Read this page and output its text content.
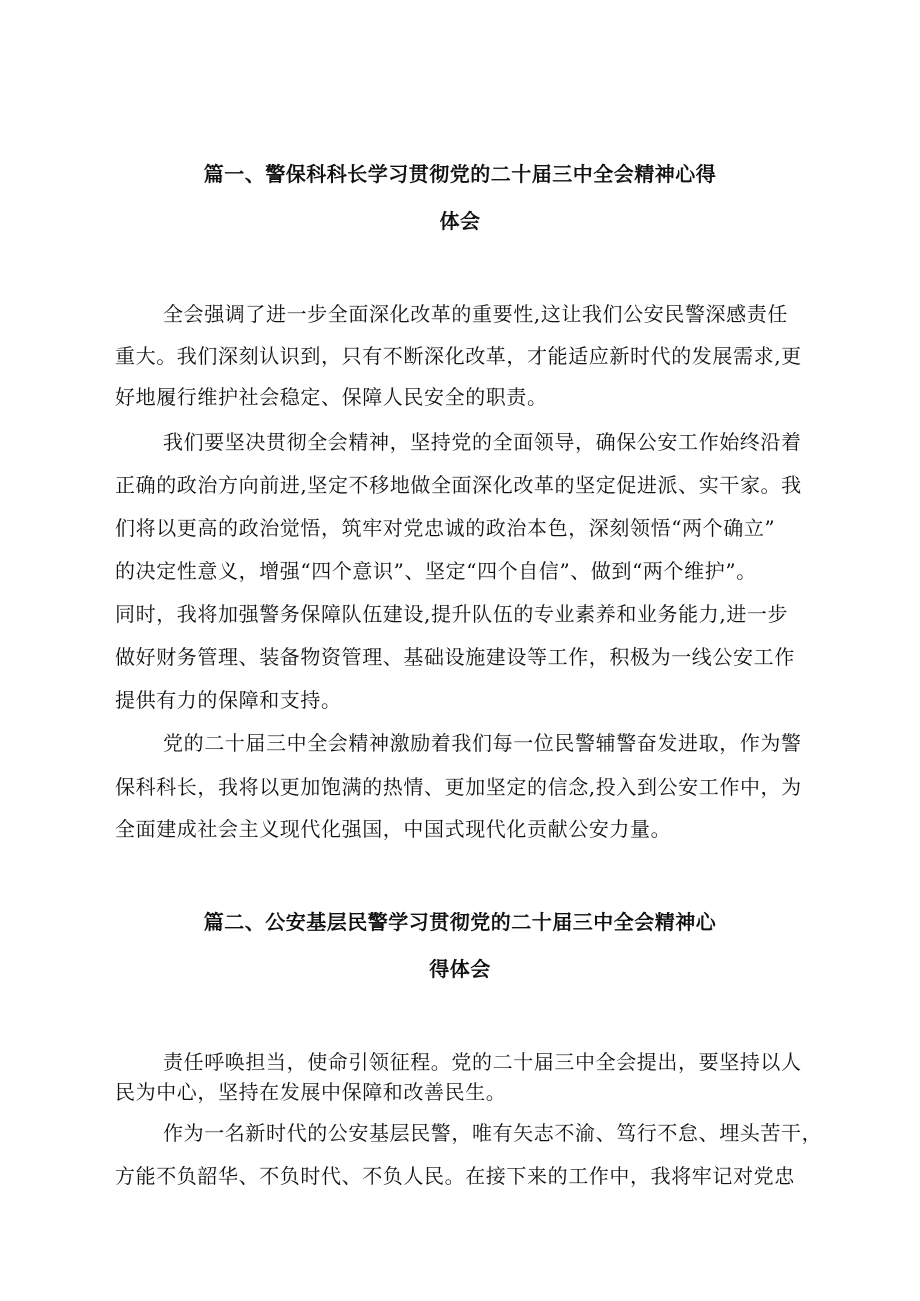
篇一、警保科科长学习贯彻党的二十届三中全会精神心得
体会
全会强调了进一步全面深化改革的重要性,这让我们公安民警深感责任
重大。我们深刻认识到，只有不断深化改革，才能适应新时代的发展需求,更
好地履行维护社会稳定、保障人民安全的职责。
我们要坚决贯彻全会精神，坚持党的全面领导，确保公安工作始终沿着
正确的政治方向前进,坚定不移地做全面深化改革的坚定促进派、实干家。我
们将以更高的政治觉悟，筑牢对党忠诚的政治本色，深刻领悟“两个确立”
的决定性意义，增强“四个意识”、坚定“四个自信”、做到“两个维护”。
同时，我将加强警务保障队伍建设,提升队伍的专业素养和业务能力,进一步
做好财务管理、装备物资管理、基础设施建设等工作，积极为一线公安工作
提供有力的保障和支持。
党的二十届三中全会精神激励着我们每一位民警辅警奋发进取，作为警
保科科长，我将以更加饱满的热情、更加坚定的信念,投入到公安工作中，为
全面建成社会主义现代化强国，中国式现代化贡献公安力量。
篇二、公安基层民警学习贯彻党的二十届三中全会精神心
得体会
责任呼唤担当，使命引领征程。党的二十届三中全会提出，要坚持以人
民为中心，坚持在发展中保障和改善民生。
作为一名新时代的公安基层民警，唯有矢志不渝、笃行不怠、埋头苦干，
方能不负韶华、不负时代、不负人民。在接下来的工作中，我将牢记对党忠
